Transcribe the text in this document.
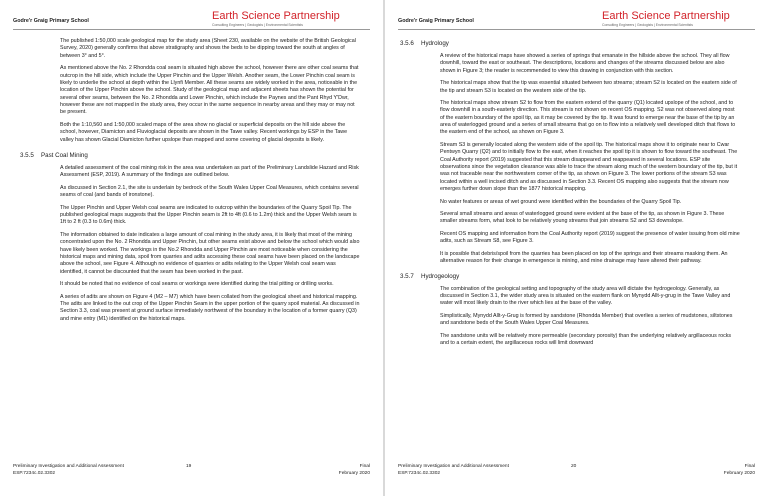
Godre'r Graig Primary School	Earth Science Partnership
Consulting Engineers | Geologists | Environmental Scientists

The published 1:50,000 scale geological map for the study area (Sheet 230, available on the website of the British Geological Survey, 2020) generally confirms that above stratigraphy and shows the beds to be dipping toward the south at angles of between 3° and 5°.

As mentioned above the No. 2 Rhondda coal seam is situated high above the school, however there are other coal seams that outcrop in the hill side, which include the Upper Pinchin and the Upper Welsh. Another seam, the Lower Pinchin coal seam is likely to underlie the school at depth within the Llynfi Member. All these seams are widely worked in the area, noticeable in the location of the Upper Pinchin above the school. Study of the geological map and adjacent sheets has shown the potential for several other seams, between the No. 2 Rhondda and Lower Pinchin, which include the Paynes and the Pant Rhyd Y'Dwr, however these are not mapped in the study area, they occur in the same sequence in nearby areas and they may or may not be present.

Both the 1:10,560 and 1:50,000 scaled maps of the area show no glacial or superficial deposits on the hill side above the school, however, Diamicton and Fluvioglacial deposits are shown in the Tawe valley. Recent workings by ESP in the Tawe valley has shown Glacial Diamicton further upslope than mapped and some covering of glacial deposits is likely.

3.5.5 Past Coal Mining

A detailed assessment of the coal mining risk in the area was undertaken as part of the Preliminary Landslide Hazard and Risk Assessment (ESP, 2019). A summary of the findings are outlined below.

As discussed in Section 2.1, the site is underlain by bedrock of the South Wales Upper Coal Measures, which contains several seams of coal (and bands of ironstone).

The Upper Pinchin and Upper Welsh coal seams are indicated to outcrop within the boundaries of the Quarry Spoil Tip. The published geological maps suggests that the Upper Pinchin seam is 2ft to 4ft (0.6 to 1.2m) thick and the Upper Welsh seam is 1ft to 2 ft (0.3 to 0.6m) thick.

The information obtained to date indicates a large amount of coal mining in the study area, it is likely that most of the mining concentrated upon the No. 2 Rhondda and Upper Pinchin, but other seams exist above and below the school which would also have likely been worked. The workings in the No.2 Rhondda and Upper Pinchin are most noticeable when considering the historical maps and mining data, spoil from quarries and adits accessing these coal seams have been placed on the landscape above the school, see Figure 4. Although no evidence of quarries or adits relating to the Upper Welsh coal seam was identified, it cannot be discounted that the seam has been worked in the past.

It should be noted that no evidence of coal seams or workings were identified during the trial pitting or drilling works.

A series of adits are shown on Figure 4 (M2 – M7) which have been collated from the geological sheet and historical mapping. The adits are linked to the out crop of the Upper Pinchin Seam in the upper portion of the quarry spoil material. As discussed in Section 3.3, coal was present at ground surface immediately northwest of the boundary in the location of a former quarry (Q3) and mine entry (M1) identified on the historical maps.

Preliminary Investigation and Additional Assessment
ESP.7234c.02.3302
19	Final
February 2020
Godre'r Graig Primary School	Earth Science Partnership
Consulting Engineers | Geologists | Environmental Scientists
3.5.6 Hydrology

A review of the historical maps have showed a series of springs that emanate in the hillside above the school. They all flow downhill, toward the east or southeast. The descriptions, locations and changes of the streams discussed below are also shown in Figure 3; the reader is recommended to view this drawing in conjunction with this section.

The historical maps show that the tip was essential situated between two streams; stream S2 is located on the eastern side of the tip and stream S3 is located on the western side of the tip.

The historical maps show stream S2 to flow from the eastern extend of the quarry (Q1) located upslope of the school, and to flow downhill in a south-easterly direction. This stream is not shown on recent OS mapping. S2 was not observed along most of the eastern boundary of the spoil tip, as it may be covered by the tip. It was found to emerge near the base of the tip by an area of waterlogged ground and a series of small streams that go on to flow into a relatively well developed ditch that flows to the eastern end of the school, as shown on Figure 3.

Stream S3 is generally located along the western side of the spoil tip. The historical maps show it to originate near to Cwar Pentwyn Quarry (Q2) and to initially flow to the east, when it reaches the spoil tip it is shown to flow toward the southeast. The Coal Authority report (2019) suggested that this stream disappeared and reappeared in several locations. ESP site observations since the vegetation clearance was able to trace the stream along much of the western boundary of the tip, but it was not traceable near the northwestern corner of the tip, as shown on Figure 3. The lower portions of the stream S3 was located within a well incised ditch and as discussed in Section 3.3. Recent OS mapping also suggests that the stream now emerges further down slope than the 1877 historical mapping.

No water features or areas of wet ground were identified within the boundaries of the Quarry Spoil Tip.

Several small streams and areas of waterlogged ground were evident at the base of the tip, as shown in Figure 3. These smaller streams form, what look to be relatively young streams that join streams S2 and S3 downslope.

Recent OS mapping and information from the Coal Authority report (2019) suggest the presence of water issuing from old mine adits, such as Stream S8, see Figure 3.

It is possible that debris/spoil from the quarries has been placed on top of the springs and their streams masking them. An alternative reason for their change in emergence is mining, and mine drainage may have altered their pathway.

3.5.7 Hydrogeology

The combination of the geological setting and topography of the study area will dictate the hydrogeology. Generally, as discussed in Section 3.1, the wider study area is situated on the eastern flank on Mynydd Allt-y-grug in the Tawe Valley and water will most likely drain to the river which lies at the base of the valley.

Simplistically, Mynydd Allt-y-Grug is formed by sandstone (Rhondda Member) that overlies a series of mudstones, siltstones and sandstone beds of the South Wales Upper Coal Measures.

The sandstone units will be relatively more permeable (secondary porosity) than the underlying relatively argillaceous rocks and to a certain extent, the argillaceous rocks will limit downward

Preliminary Investigation and Additional Assessment
ESP.7234c.02.3302
20	Final
February 2020
